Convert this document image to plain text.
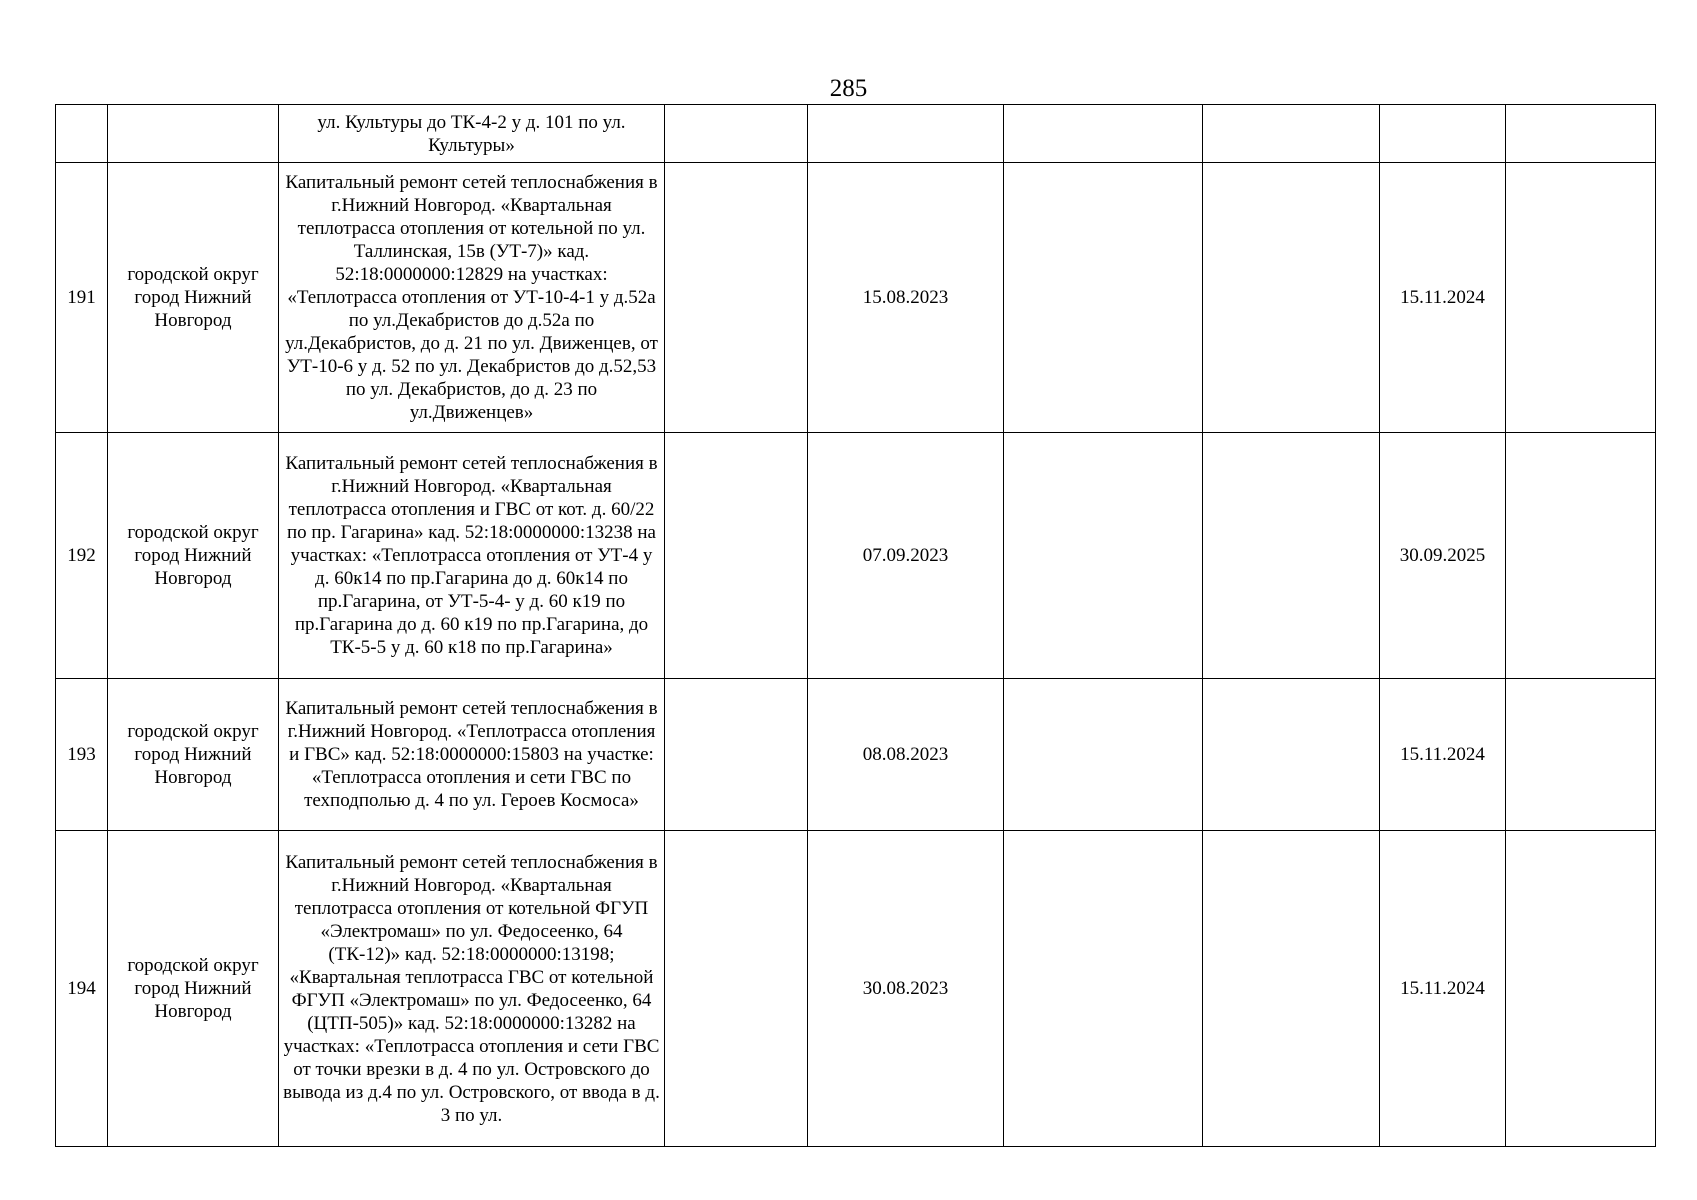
285
		ул. Культуры до ТК-4-2 у д. 101 по ул. Культуры»						
191	городской округ город Нижний Новгород	Капитальный ремонт сетей теплоснабжения в г.Нижний Новгород. «Квартальная теплотрасса отопления от котельной по ул. Таллинская, 15в (УТ-7)» кад. 52:18:0000000:12829 на участках: «Теплотрасса отопления от УТ-10-4-1 у д.52а по ул.Декабристов до д.52а по ул.Декабристов, до д. 21 по ул. Движенцев, от УТ-10-6 у д. 52 по ул. Декабристов до д.52,53 по ул. Декабристов, до д. 23 по ул.Движенцев»		15.08.2023			15.11.2024	
192	городской округ город Нижний Новгород	Капитальный ремонт сетей теплоснабжения в г.Нижний Новгород. «Квартальная теплотрасса отопления и ГВС от кот. д. 60/22 по пр. Гагарина» кад. 52:18:0000000:13238 на участках: «Теплотрасса отопления от УТ-4 у д. 60к14 по пр.Гагарина до д. 60к14 по пр.Гагарина, от УТ-5-4- у д. 60 к19 по пр.Гагарина до д. 60 к19 по пр.Гагарина, до ТК-5-5 у д. 60 к18 по пр.Гагарина»		07.09.2023			30.09.2025	
193	городской округ город Нижний Новгород	Капитальный ремонт сетей теплоснабжения в г.Нижний Новгород. «Теплотрасса отопления и ГВС» кад. 52:18:0000000:15803 на участке: «Теплотрасса отопления и сети ГВС по техподполью д. 4 по ул. Героев Космоса»		08.08.2023			15.11.2024	
194	городской округ город Нижний Новгород	Капитальный ремонт сетей теплоснабжения в г.Нижний Новгород. «Квартальная теплотрасса отопления от котельной ФГУП «Электромаш» по ул. Федосеенко, 64 (ТК-12)» кад. 52:18:0000000:13198; «Квартальная теплотрасса ГВС от котельной ФГУП «Электромаш» по ул. Федосеенко, 64 (ЦТП-505)» кад. 52:18:0000000:13282 на участках: «Теплотрасса отопления и сети ГВС от точки врезки в д. 4 по ул. Островского до вывода из д.4 по ул. Островского, от ввода в д. 3 по ул.		30.08.2023			15.11.2024	
